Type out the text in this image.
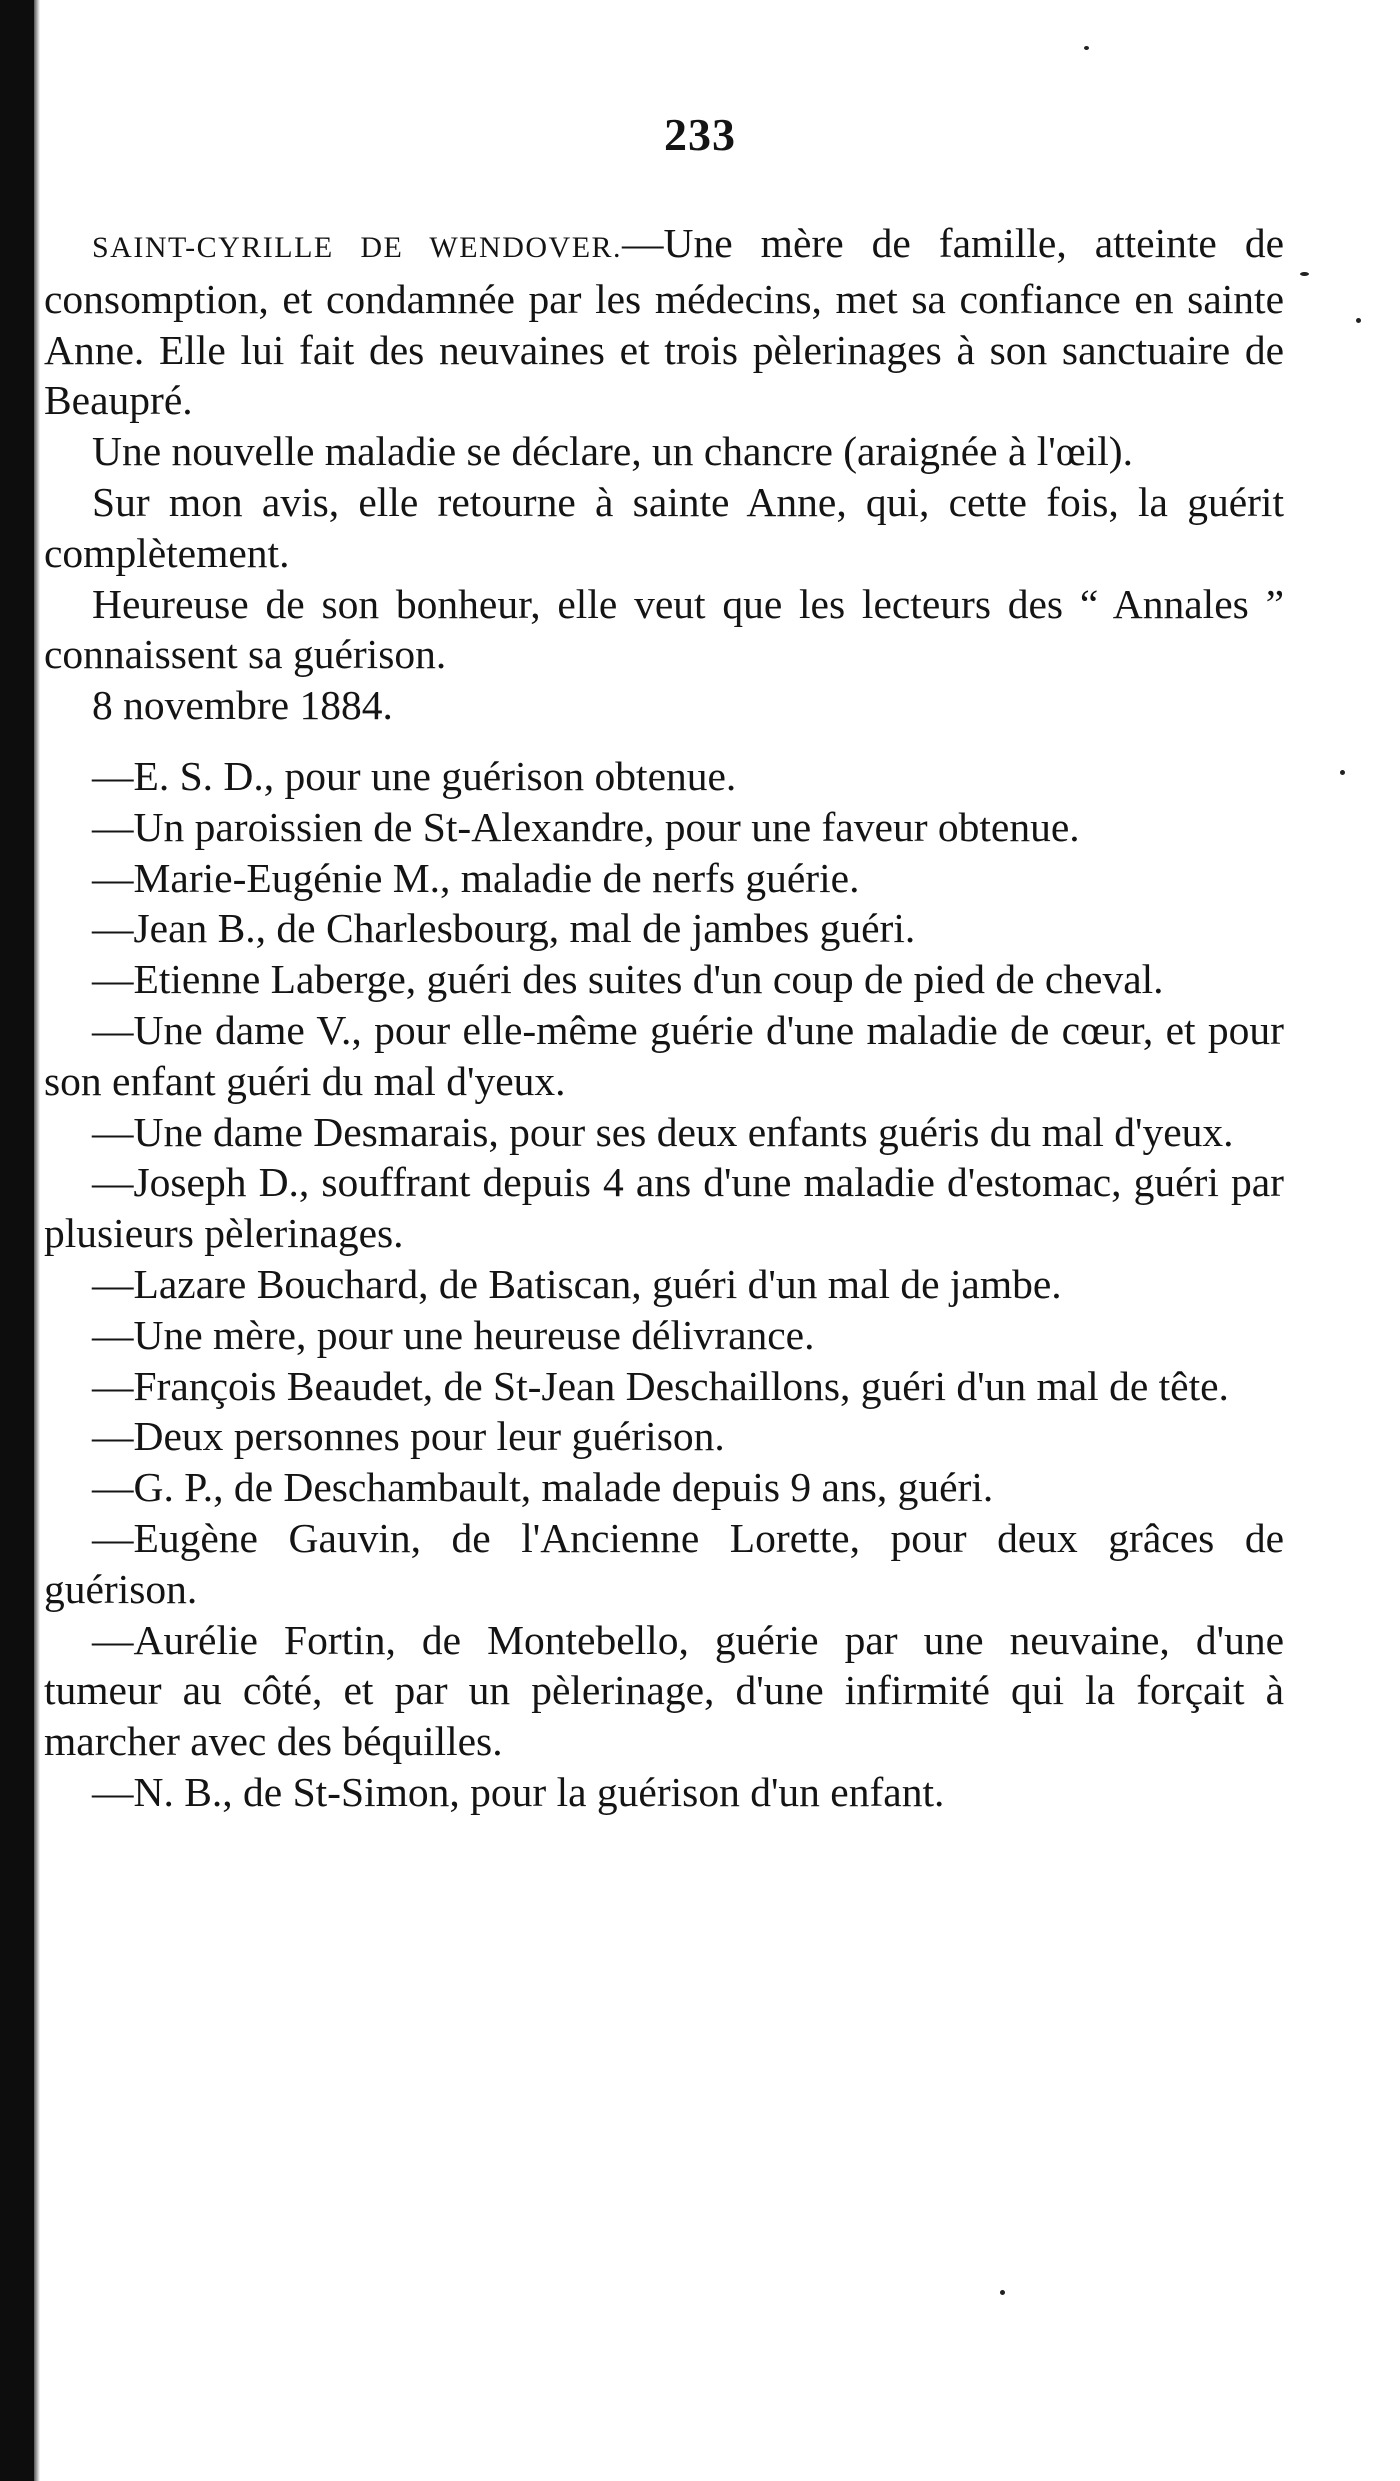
233

SAINT-CYRILLE DE WENDOVER.—Une mère de famille, atteinte de consomption, et condamnée par les médecins, met sa confiance en sainte Anne. Elle lui fait des neuvaines et trois pèlerinages à son sanctuaire de Beaupré.

Une nouvelle maladie se déclare, un chancre (araignée à l'œil).

Sur mon avis, elle retourne à sainte Anne, qui, cette fois, la guérit complètement.

Heureuse de son bonheur, elle veut que les lecteurs des “ Annales ” connaissent sa guérison.

8 novembre 1884.

—E. S. D., pour une guérison obtenue.

—Un paroissien de St-Alexandre, pour une faveur obtenue.

—Marie-Eugénie M., maladie de nerfs guérie.

—Jean B., de Charlesbourg, mal de jambes guéri.

—Etienne Laberge, guéri des suites d'un coup de pied de cheval.

—Une dame V., pour elle-même guérie d'une maladie de cœur, et pour son enfant guéri du mal d'yeux.

—Une dame Desmarais, pour ses deux enfants guéris du mal d'yeux.

—Joseph D., souffrant depuis 4 ans d'une maladie d'estomac, guéri par plusieurs pèlerinages.

—Lazare Bouchard, de Batiscan, guéri d'un mal de jambe.

—Une mère, pour une heureuse délivrance.

—François Beaudet, de St-Jean Deschaillons, guéri d'un mal de tête.

—Deux personnes pour leur guérison.

—G. P., de Deschambault, malade depuis 9 ans, guéri.

—Eugène Gauvin, de l'Ancienne Lorette, pour deux grâces de guérison.

—Aurélie Fortin, de Montebello, guérie par une neuvaine, d'une tumeur au côté, et par un pèlerinage, d'une infirmité qui la forçait à marcher avec des béquilles.

—N. B., de St-Simon, pour la guérison d'un enfant.
